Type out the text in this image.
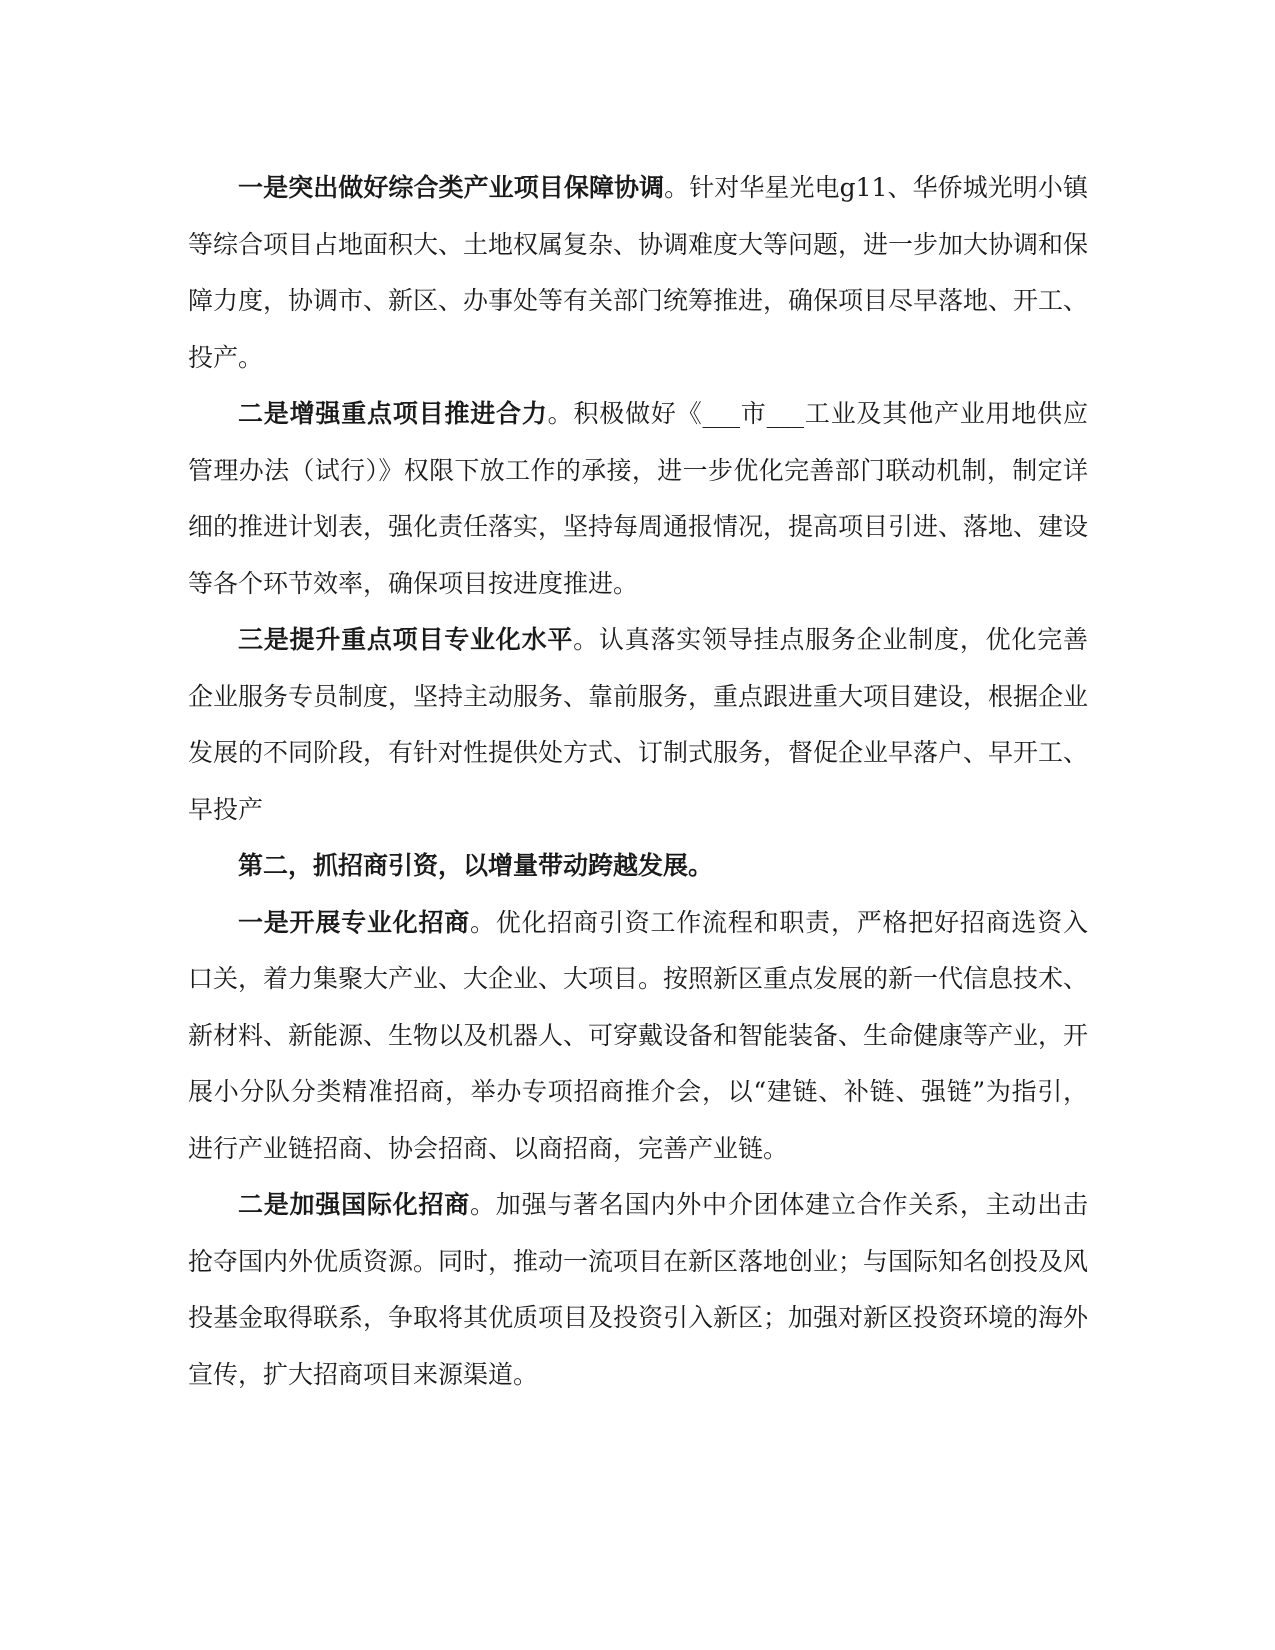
一是突出做好综合类产业项目保障协调。针对华星光电g11、华侨城光明小镇等综合项目占地面积大、土地权属复杂、协调难度大等问题，进一步加大协调和保障力度，协调市、新区、办事处等有关部门统筹推进，确保项目尽早落地、开工、投产。

二是增强重点项目推进合力。积极做好《___市___工业及其他产业用地供应管理办法（试行）》权限下放工作的承接，进一步优化完善部门联动机制，制定详细的推进计划表，强化责任落实，坚持每周通报情况，提高项目引进、落地、建设等各个环节效率，确保项目按进度推进。

三是提升重点项目专业化水平。认真落实领导挂点服务企业制度，优化完善企业服务专员制度，坚持主动服务、靠前服务，重点跟进重大项目建设，根据企业发展的不同阶段，有针对性提供处方式、订制式服务，督促企业早落户、早开工、早投产

第二，抓招商引资，以增量带动跨越发展。

一是开展专业化招商。优化招商引资工作流程和职责，严格把好招商选资入口关，着力集聚大产业、大企业、大项目。按照新区重点发展的新一代信息技术、新材料、新能源、生物以及机器人、可穿戴设备和智能装备、生命健康等产业，开展小分队分类精准招商，举办专项招商推介会，以“建链、补链、强链”为指引，进行产业链招商、协会招商、以商招商，完善产业链。

二是加强国际化招商。加强与著名国内外中介团体建立合作关系，主动出击抢夺国内外优质资源。同时，推动一流项目在新区落地创业；与国际知名创投及风投基金取得联系，争取将其优质项目及投资引入新区；加强对新区投资环境的海外宣传，扩大招商项目来源渠道。
